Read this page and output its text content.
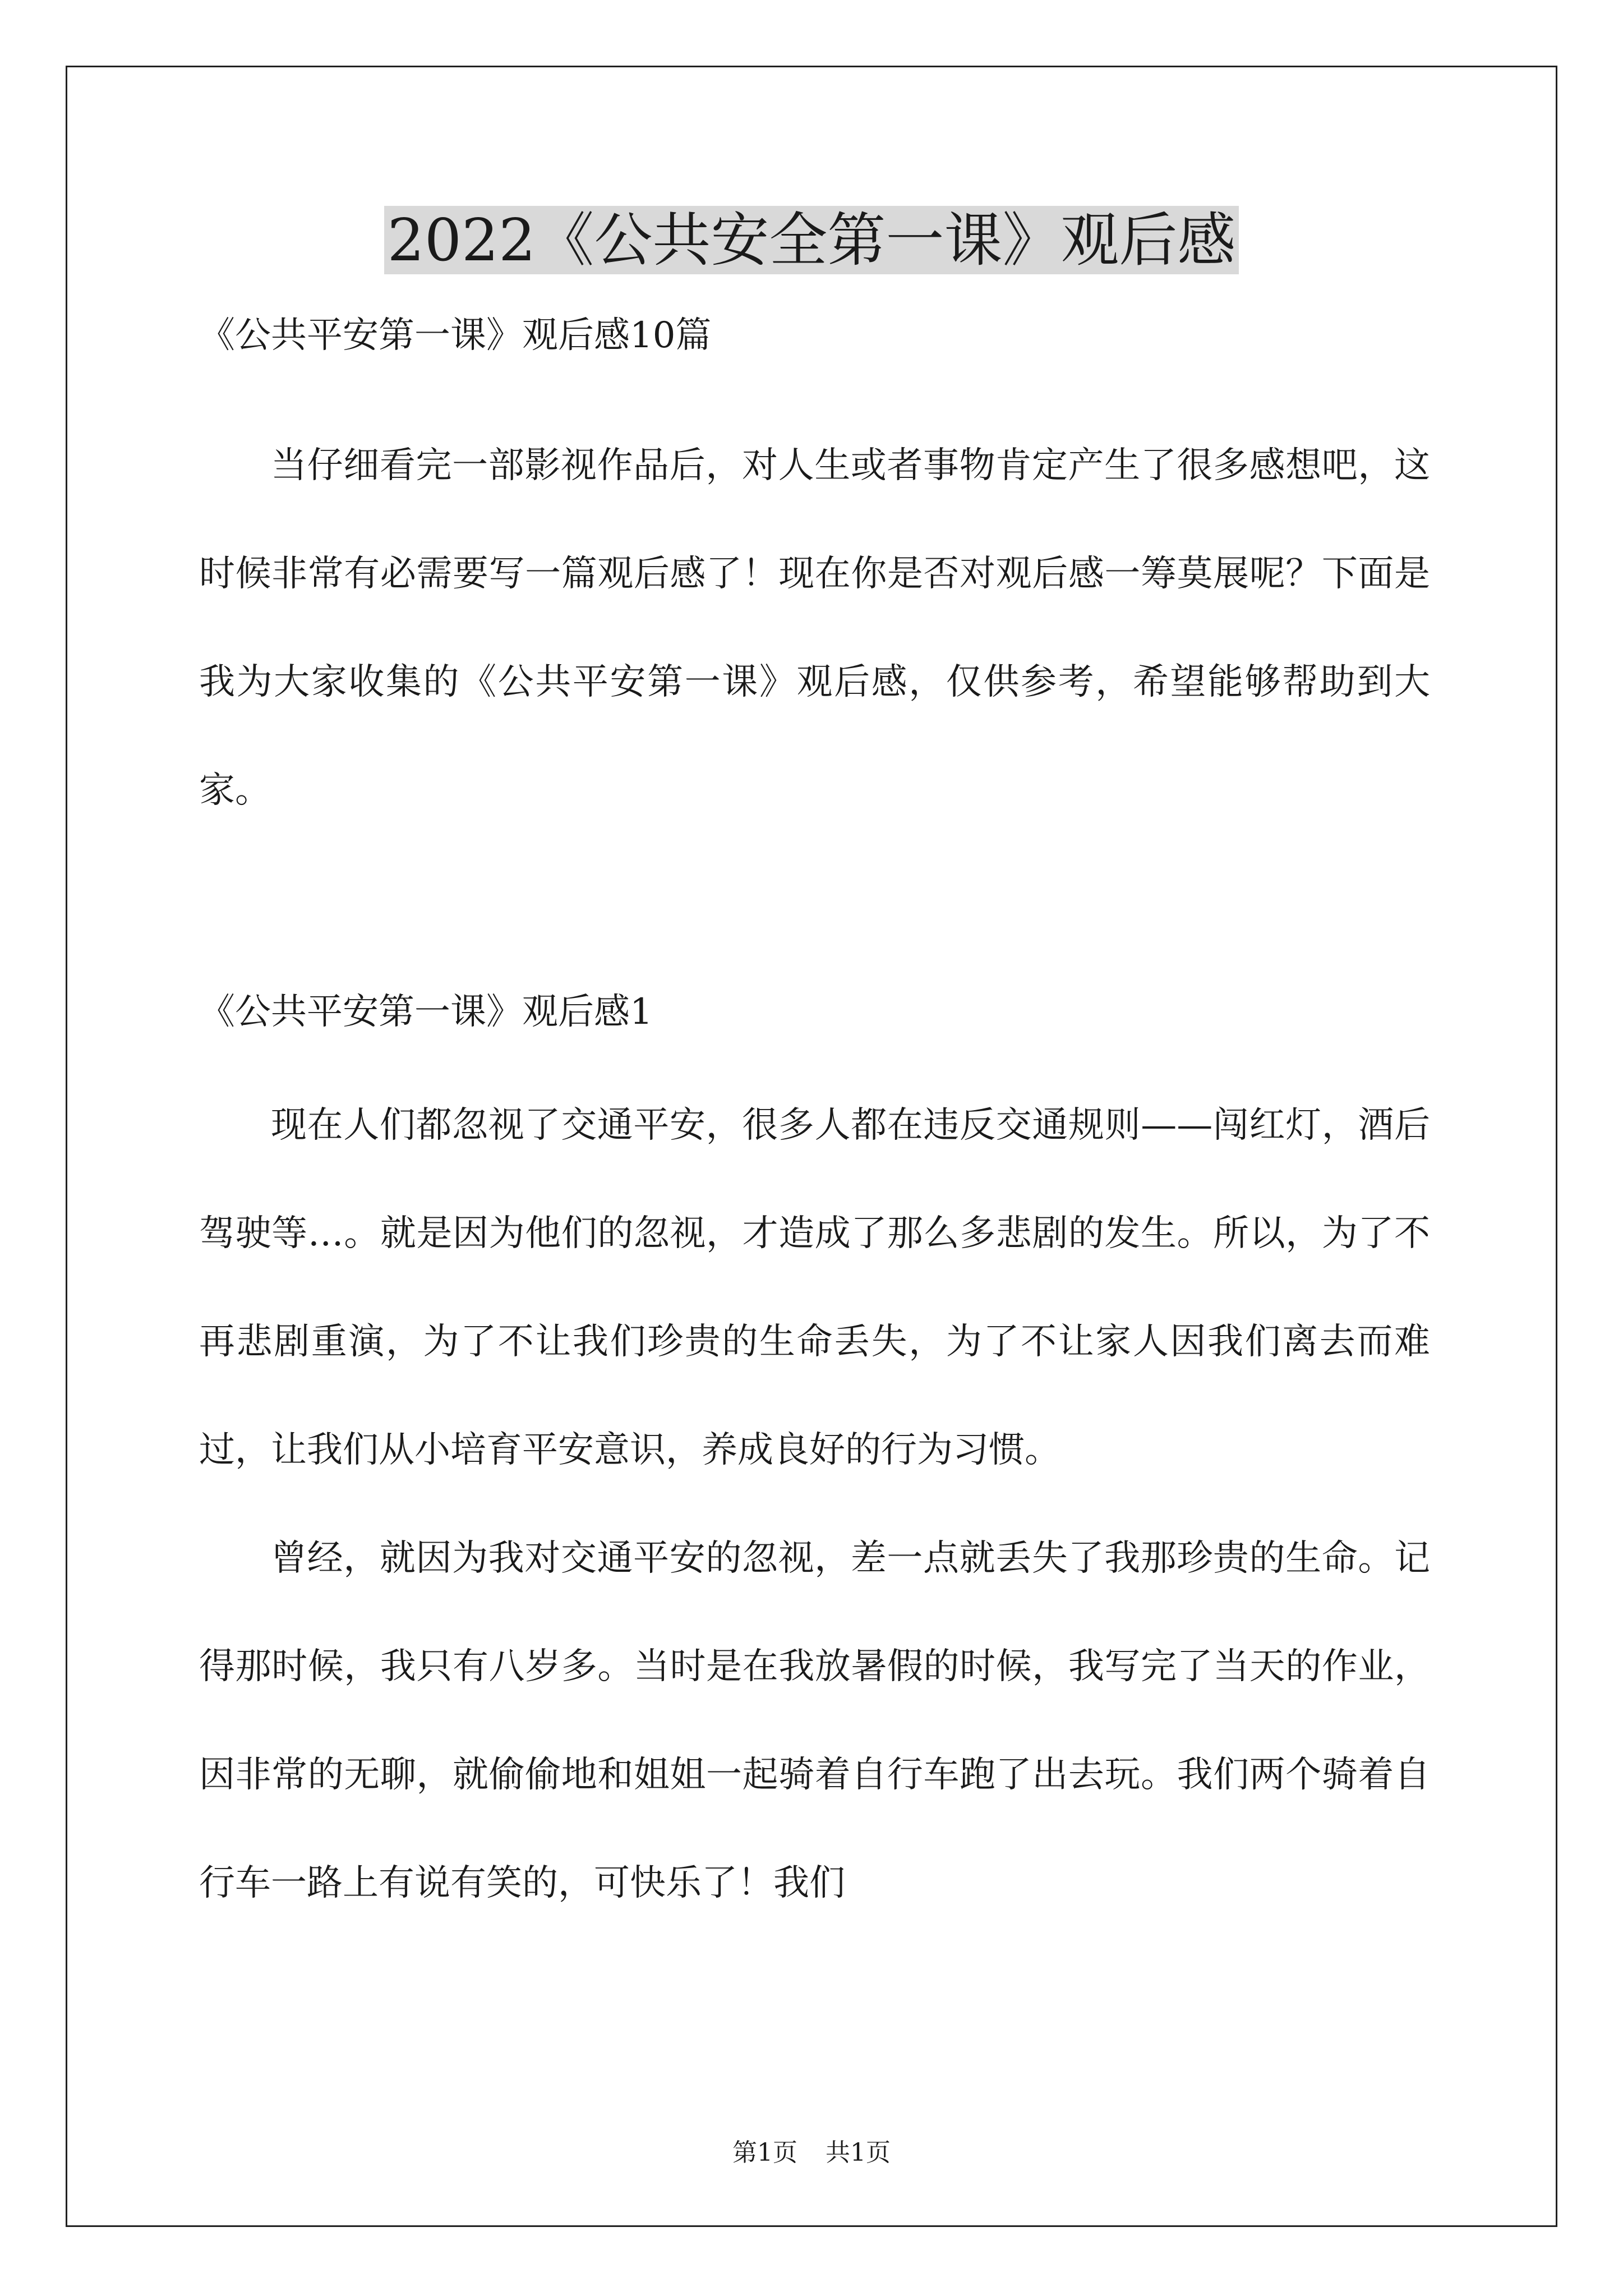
2022《公共安全第一课》观后感

《公共平安第一课》观后感10篇

当仔细看完一部影视作品后，对人生或者事物肯定产生了很多感想吧，这时候非常有必需要写一篇观后感了！现在你是否对观后感一筹莫展呢？下面是我为大家收集的《公共平安第一课》观后感，仅供参考，希望能够帮助到大家。

《公共平安第一课》观后感1

现在人们都忽视了交通平安，很多人都在违反交通规则——闯红灯，酒后驾驶等…。就是因为他们的忽视，才造成了那么多悲剧的发生。所以，为了不再悲剧重演，为了不让我们珍贵的生命丢失，为了不让家人因我们离去而难过，让我们从小培育平安意识，养成良好的行为习惯。

曾经，就因为我对交通平安的忽视，差一点就丢失了我那珍贵的生命。记得那时候，我只有八岁多。当时是在我放暑假的时候，我写完了当天的作业，因非常的无聊，就偷偷地和姐姐一起骑着自行车跑了出去玩。我们两个骑着自行车一路上有说有笑的，可快乐了！我们

第1页 共1页
